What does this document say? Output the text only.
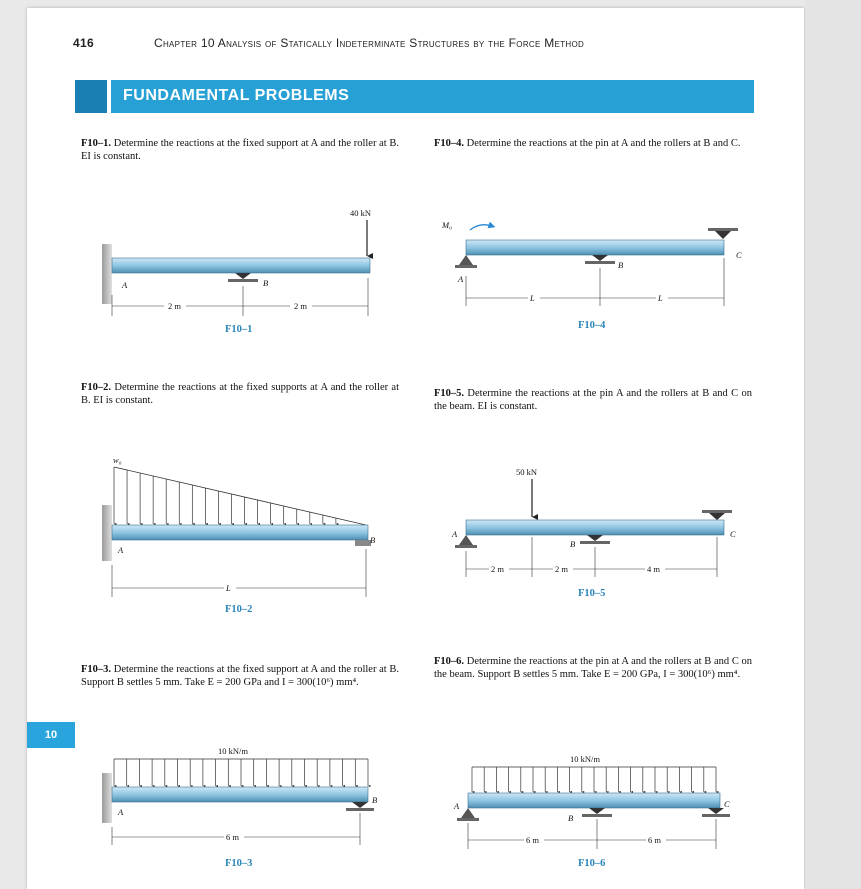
416	Chapter 10 Analysis of Statically Indeterminate Structures by the Force Method
FUNDAMENTAL PROBLEMS
10
F10–1. Determine the reactions at the fixed support at A and the roller at B. EI is constant.
F10–4. Determine the reactions at the pin at A and the rollers at B and C.
F10–2. Determine the reactions at the fixed supports at A and the roller at B. EI is constant.
F10–5. Determine the reactions at the pin A and the rollers at B and C on the beam. EI is constant.
F10–3. Determine the reactions at the fixed support at A and the roller at B. Support B settles 5 mm. Take E = 200 GPa and I = 300(10⁶) mm⁴.
F10–6. Determine the reactions at the pin at A and the rollers at B and C on the beam. Support B settles 5 mm. Take E = 200 GPa, I = 300(10⁶) mm⁴.
40 kN
A	B
2 m	2 m
F10–1
M₀
A
B
C
L	L
F10–4
w₀
B
A
L
F10–2
50 kN
A
B
C
2 m	2 m	4 m
F10–5
10 kN/m
B
A
6 m
F10–3
10 kN/m
A
B
C
6 m	6 m
F10–6
